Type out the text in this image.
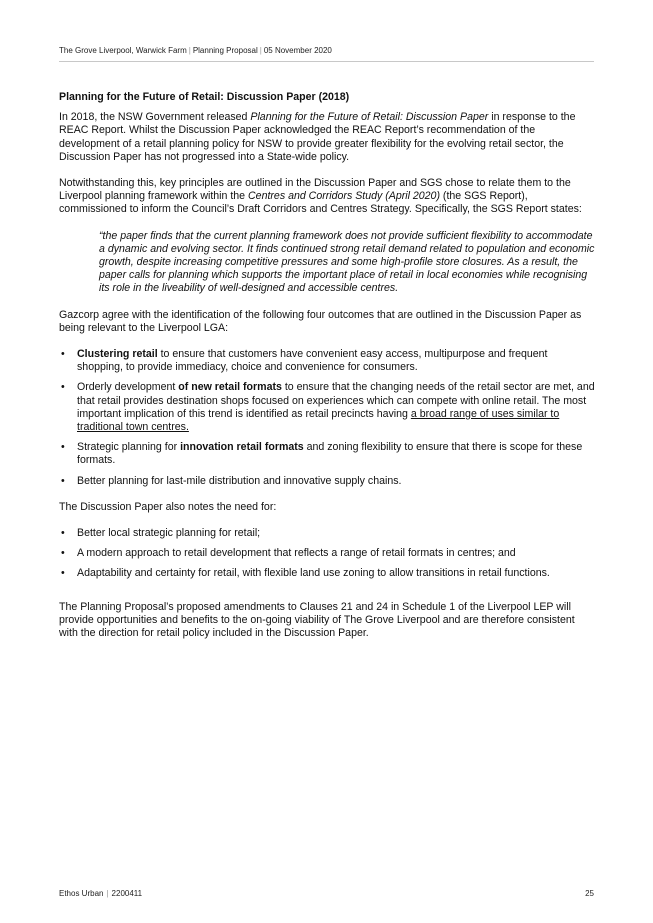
The Grove Liverpool, Warwick Farm | Planning Proposal | 05 November 2020
Planning for the Future of Retail: Discussion Paper (2018)

In 2018, the NSW Government released Planning for the Future of Retail: Discussion Paper in response to the REAC Report. Whilst the Discussion Paper acknowledged the REAC Report’s recommendation of the development of a retail planning policy for NSW to provide greater flexibility for the evolving retail sector, the Discussion Paper has not progressed into a State-wide policy.

Notwithstanding this, key principles are outlined in the Discussion Paper and SGS chose to relate them to the Liverpool planning framework within the Centres and Corridors Study (April 2020) (the SGS Report), commissioned to inform the Council’s Draft Corridors and Centres Strategy. Specifically, the SGS Report states:

“the paper finds that the current planning framework does not provide sufficient flexibility to accommodate a dynamic and evolving sector. It finds continued strong retail demand related to population and economic growth, despite increasing competitive pressures and some high-profile store closures. As a result, the paper calls for planning which supports the important place of retail in local economies while recognising its role in the liveability of well-designed and accessible centres.

Gazcorp agree with the identification of the following four outcomes that are outlined in the Discussion Paper as being relevant to the Liverpool LGA:

• Clustering retail to ensure that customers have convenient easy access, multipurpose and frequent shopping, to provide immediacy, choice and convenience for consumers.
• Orderly development of new retail formats to ensure that the changing needs of the retail sector are met, and that retail provides destination shops focused on experiences which can compete with online retail. The most important implication of this trend is identified as retail precincts having a broad range of uses similar to traditional town centres.
• Strategic planning for innovation retail formats and zoning flexibility to ensure that there is scope for these formats.
• Better planning for last-mile distribution and innovative supply chains.

The Discussion Paper also notes the need for:

• Better local strategic planning for retail;
• A modern approach to retail development that reflects a range of retail formats in centres; and
• Adaptability and certainty for retail, with flexible land use zoning to allow transitions in retail functions.

The Planning Proposal’s proposed amendments to Clauses 21 and 24 in Schedule 1 of the Liverpool LEP will provide opportunities and benefits to the on-going viability of The Grove Liverpool and are therefore consistent with the direction for retail policy included in the Discussion Paper.

Ethos Urban | 2200411	25
